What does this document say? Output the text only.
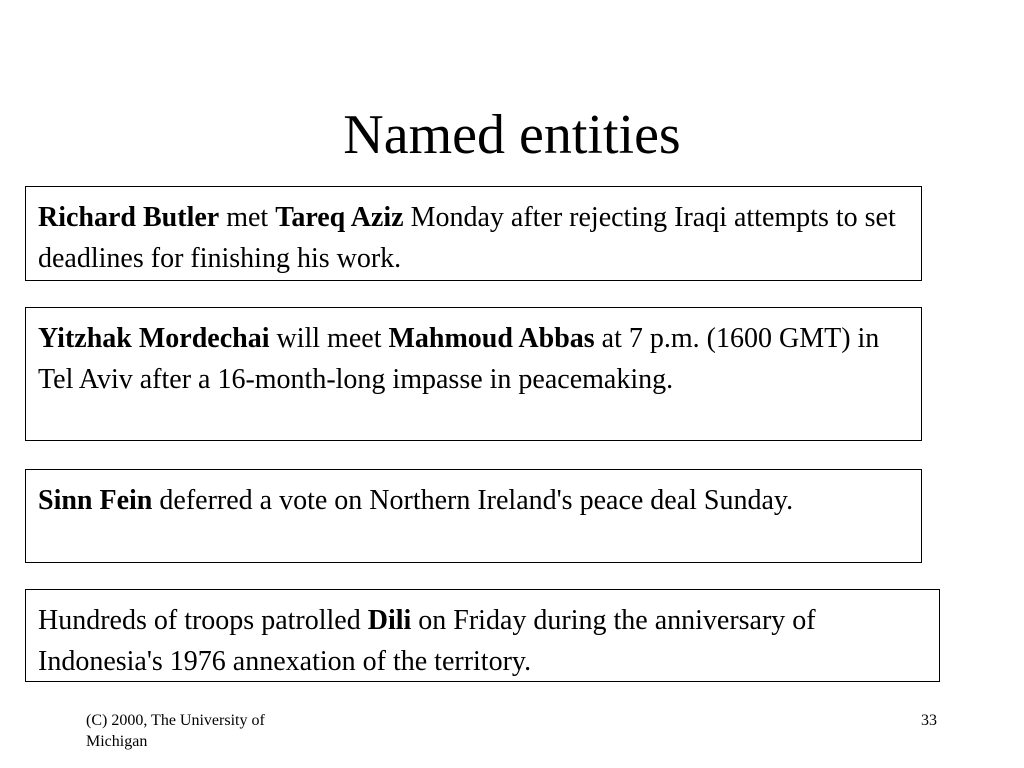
Named entities

Richard Butler met Tareq Aziz Monday after rejecting Iraqi attempts to set deadlines for finishing his work.

Yitzhak Mordechai will meet Mahmoud Abbas at 7 p.m. (1600 GMT) in Tel Aviv after a 16-month-long impasse in peacemaking.

Sinn Fein deferred a vote on Northern Ireland's peace deal Sunday.

Hundreds of troops patrolled Dili on Friday during the anniversary of Indonesia's 1976 annexation of the territory.

(C) 2000, The University of Michigan
33
